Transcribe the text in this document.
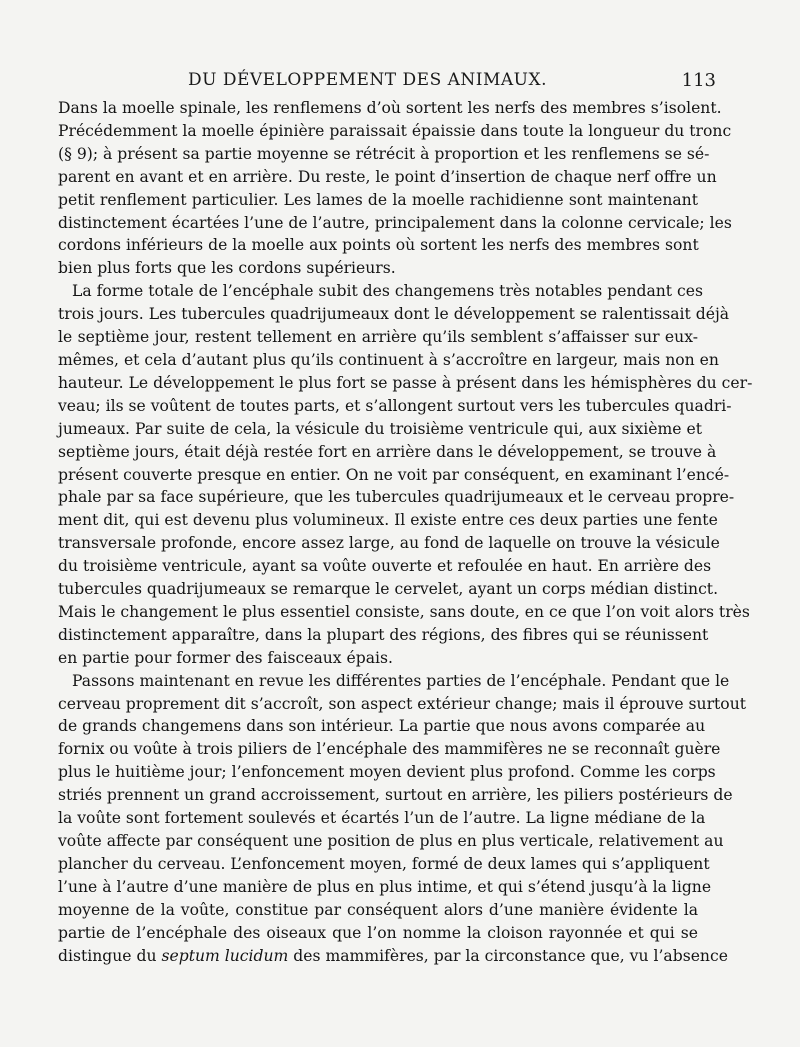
DU DÉVELOPPEMENT DES ANIMAUX.	113

Dans la moelle spinale, les renflemens d’où sortent les nerfs des membres s’isolent.
Précédemment la moelle épinière paraissait épaissie dans toute la longueur du tronc
(§ 9); à présent sa partie moyenne se rétrécit à proportion et les renflemens se sé-
parent en avant et en arrière. Du reste, le point d’insertion de chaque nerf offre un
petit renflement particulier. Les lames de la moelle rachidienne sont maintenant
distinctement écartées l’une de l’autre, principalement dans la colonne cervicale; les
cordons inférieurs de la moelle aux points où sortent les nerfs des membres sont
bien plus forts que les cordons supérieurs.

La forme totale de l’encéphale subit des changemens très notables pendant ces
trois jours. Les tubercules quadrijumeaux dont le développement se ralentissait déjà
le septième jour, restent tellement en arrière qu’ils semblent s’affaisser sur eux-
mêmes, et cela d’autant plus qu’ils continuent à s’accroître en largeur, mais non en
hauteur. Le développement le plus fort se passe à présent dans les hémisphères du cer-
veau; ils se voûtent de toutes parts, et s’allongent surtout vers les tubercules quadri-
jumeaux. Par suite de cela, la vésicule du troisième ventricule qui, aux sixième et
septième jours, était déjà restée fort en arrière dans le développement, se trouve à
présent couverte presque en entier. On ne voit par conséquent, en examinant l’encé-
phale par sa face supérieure, que les tubercules quadrijumeaux et le cerveau propre-
ment dit, qui est devenu plus volumineux. Il existe entre ces deux parties une fente
transversale profonde, encore assez large, au fond de laquelle on trouve la vésicule
du troisième ventricule, ayant sa voûte ouverte et refoulée en haut. En arrière des
tubercules quadrijumeaux se remarque le cervelet, ayant un corps médian distinct.
Mais le changement le plus essentiel consiste, sans doute, en ce que l’on voit alors très
distinctement apparaître, dans la plupart des régions, des fibres qui se réunissent
en partie pour former des faisceaux épais.

Passons maintenant en revue les différentes parties de l’encéphale. Pendant que le
cerveau proprement dit s’accroît, son aspect extérieur change; mais il éprouve surtout
de grands changemens dans son intérieur. La partie que nous avons comparée au
fornix ou voûte à trois piliers de l’encéphale des mammifères ne se reconnaît guère
plus le huitième jour; l’enfoncement moyen devient plus profond. Comme les corps
striés prennent un grand accroissement, surtout en arrière, les piliers postérieurs de
la voûte sont fortement soulevés et écartés l’un de l’autre. La ligne médiane de la
voûte affecte par conséquent une position de plus en plus verticale, relativement au
plancher du cerveau. L’enfoncement moyen, formé de deux lames qui s’appliquent
l’une à l’autre d’une manière de plus en plus intime, et qui s’étend jusqu’à la ligne
moyenne de la voûte, constitue par conséquent alors d’une manière évidente la
partie de l’encéphale des oiseaux que l’on nomme la cloison rayonnée et qui se
distingue du septum lucidum des mammifères, par la circonstance que, vu l’absence
